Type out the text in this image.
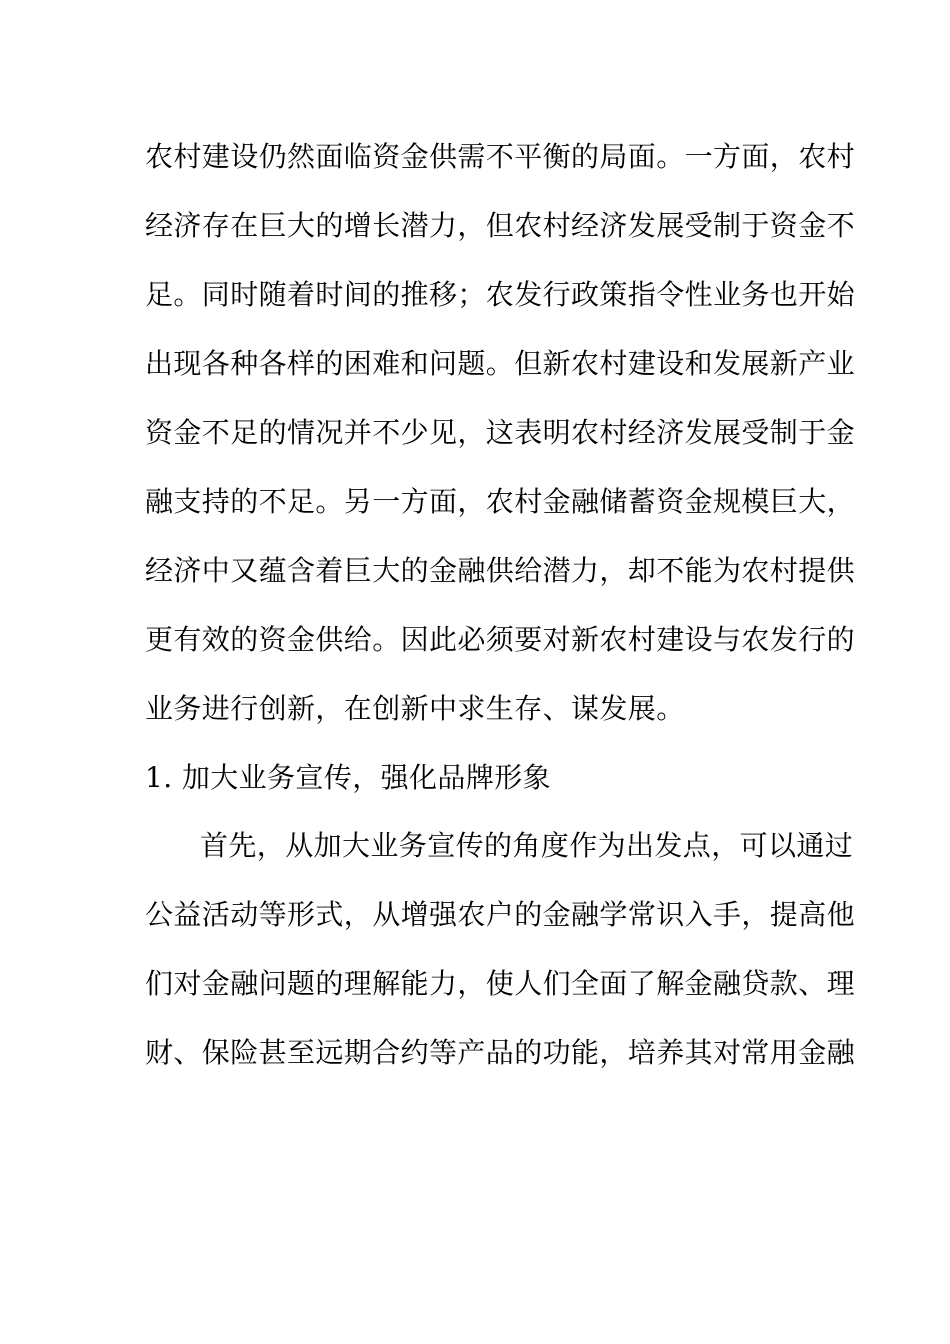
农村建设仍然面临资金供需不平衡的局面。一方面，农村
经济存在巨大的增长潜力，但农村经济发展受制于资金不
足。同时随着时间的推移；农发行政策指令性业务也开始
出现各种各样的困难和问题。但新农村建设和发展新产业
资金不足的情况并不少见，这表明农村经济发展受制于金
融支持的不足。另一方面，农村金融储蓄资金规模巨大，
经济中又蕴含着巨大的金融供给潜力，却不能为农村提供
更有效的资金供给。因此必须要对新农村建设与农发行的
业务进行创新，在创新中求生存、谋发展。
1. 加大业务宣传，强化品牌形象
首先，从加大业务宣传的角度作为出发点，可以通过
公益活动等形式，从增强农户的金融学常识入手，提高他
们对金融问题的理解能力，使人们全面了解金融贷款、理
财、保险甚至远期合约等产品的功能，培养其对常用金融
